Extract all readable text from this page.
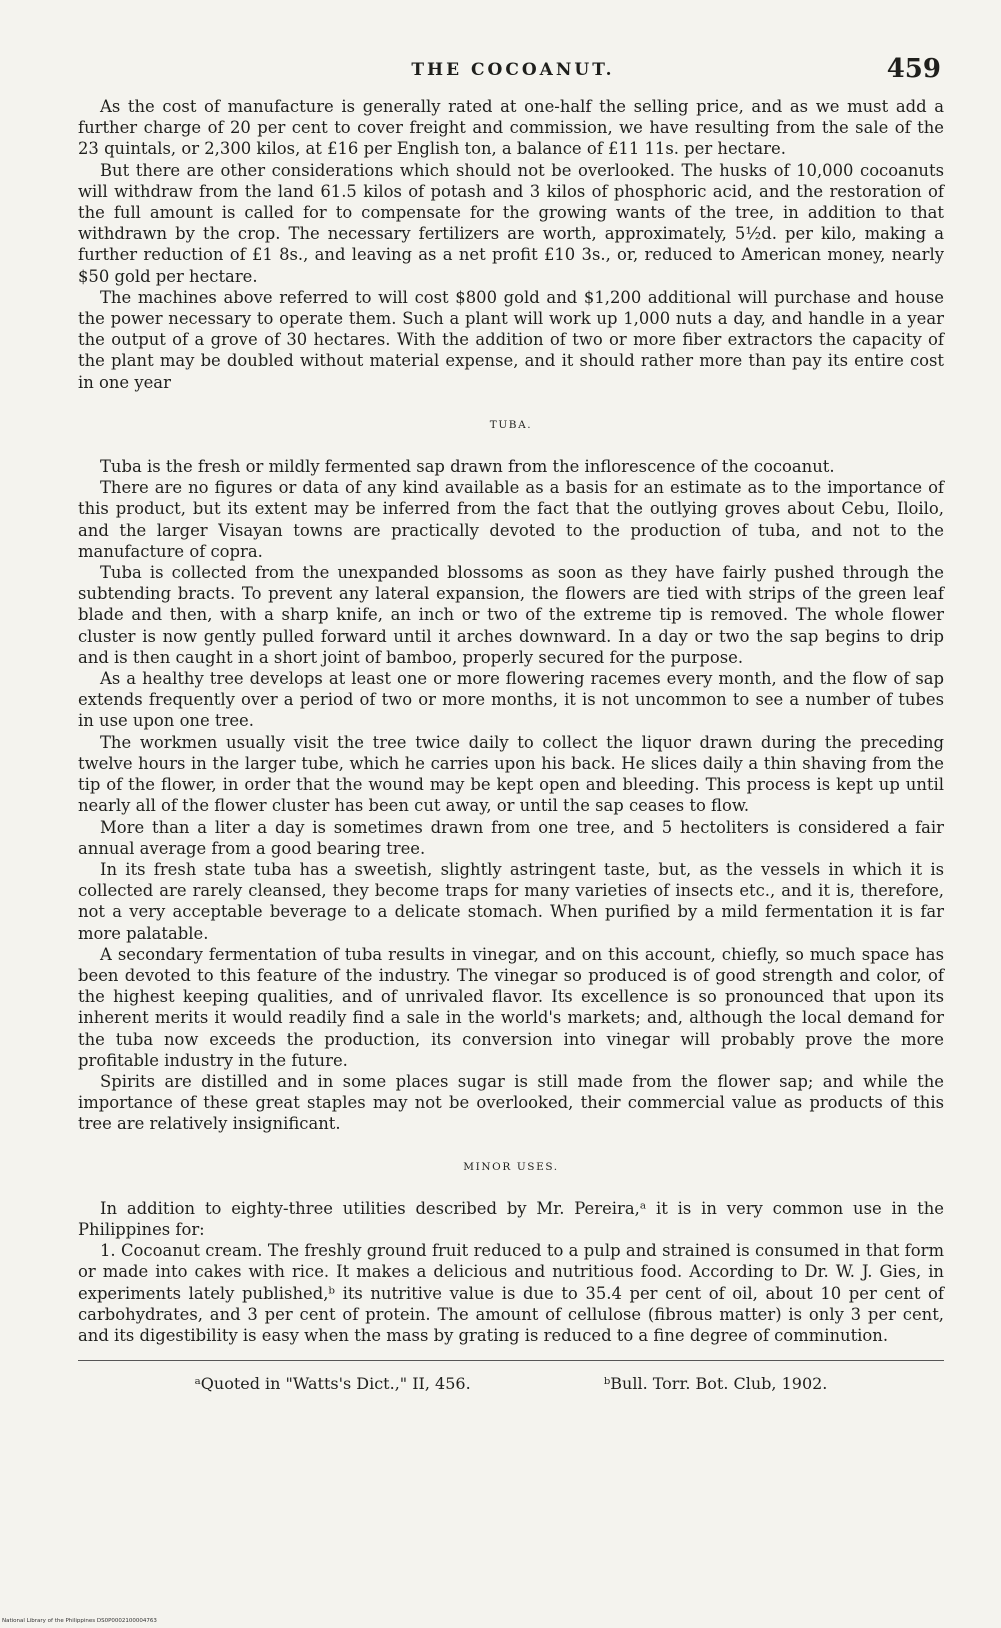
THE COCOANUT.	459

As the cost of manufacture is generally rated at one-half the selling price, and as we must add a further charge of 20 per cent to cover freight and commission, we have resulting from the sale of the 23 quintals, or 2,300 kilos, at £16 per English ton, a balance of £11 11s. per hectare.

But there are other considerations which should not be overlooked. The husks of 10,000 cocoanuts will withdraw from the land 61.5 kilos of potash and 3 kilos of phosphoric acid, and the restoration of the full amount is called for to compensate for the growing wants of the tree, in addition to that withdrawn by the crop. The necessary fertilizers are worth, approximately, 5½d. per kilo, making a further reduction of £1 8s., and leaving as a net profit £10 3s., or, reduced to American money, nearly $50 gold per hectare.

The machines above referred to will cost $800 gold and $1,200 additional will purchase and house the power necessary to operate them. Such a plant will work up 1,000 nuts a day, and handle in a year the output of a grove of 30 hectares. With the addition of two or more fiber extractors the capacity of the plant may be doubled without material expense, and it should rather more than pay its entire cost in one year

TUBA.

Tuba is the fresh or mildly fermented sap drawn from the inflorescence of the cocoanut.

There are no figures or data of any kind available as a basis for an estimate as to the importance of this product, but its extent may be inferred from the fact that the outlying groves about Cebu, Iloilo, and the larger Visayan towns are practically devoted to the production of tuba, and not to the manufacture of copra.

Tuba is collected from the unexpanded blossoms as soon as they have fairly pushed through the subtending bracts. To prevent any lateral expansion, the flowers are tied with strips of the green leaf blade and then, with a sharp knife, an inch or two of the extreme tip is removed. The whole flower cluster is now gently pulled forward until it arches downward. In a day or two the sap begins to drip and is then caught in a short joint of bamboo, properly secured for the purpose.

As a healthy tree develops at least one or more flowering racemes every month, and the flow of sap extends frequently over a period of two or more months, it is not uncommon to see a number of tubes in use upon one tree.

The workmen usually visit the tree twice daily to collect the liquor drawn during the preceding twelve hours in the larger tube, which he carries upon his back. He slices daily a thin shaving from the tip of the flower, in order that the wound may be kept open and bleeding. This process is kept up until nearly all of the flower cluster has been cut away, or until the sap ceases to flow.

More than a liter a day is sometimes drawn from one tree, and 5 hectoliters is considered a fair annual average from a good bearing tree.

In its fresh state tuba has a sweetish, slightly astringent taste, but, as the vessels in which it is collected are rarely cleansed, they become traps for many varieties of insects etc., and it is, therefore, not a very acceptable beverage to a delicate stomach. When purified by a mild fermentation it is far more palatable.

A secondary fermentation of tuba results in vinegar, and on this account, chiefly, so much space has been devoted to this feature of the industry. The vinegar so produced is of good strength and color, of the highest keeping qualities, and of unrivaled flavor. Its excellence is so pronounced that upon its inherent merits it would readily find a sale in the world's markets; and, although the local demand for the tuba now exceeds the production, its conversion into vinegar will probably prove the more profitable industry in the future.

Spirits are distilled and in some places sugar is still made from the flower sap; and while the importance of these great staples may not be overlooked, their commercial value as products of this tree are relatively insignificant.

MINOR USES.

In addition to eighty-three utilities described by Mr. Pereira,ᵃ it is in very common use in the Philippines for:

1. Cocoanut cream. The freshly ground fruit reduced to a pulp and strained is consumed in that form or made into cakes with rice. It makes a delicious and nutritious food. According to Dr. W. J. Gies, in experiments lately published,ᵇ its nutritive value is due to 35.4 per cent of oil, about 10 per cent of carbohydrates, and 3 per cent of protein. The amount of cellulose (fibrous matter) is only 3 per cent, and its digestibility is easy when the mass by grating is reduced to a fine degree of comminution.

ᵃQuoted in "Watts's Dict.," II, 456.	ᵇBull. Torr. Bot. Club, 1902.
National Library of the Philippines DS0P0002100004763
